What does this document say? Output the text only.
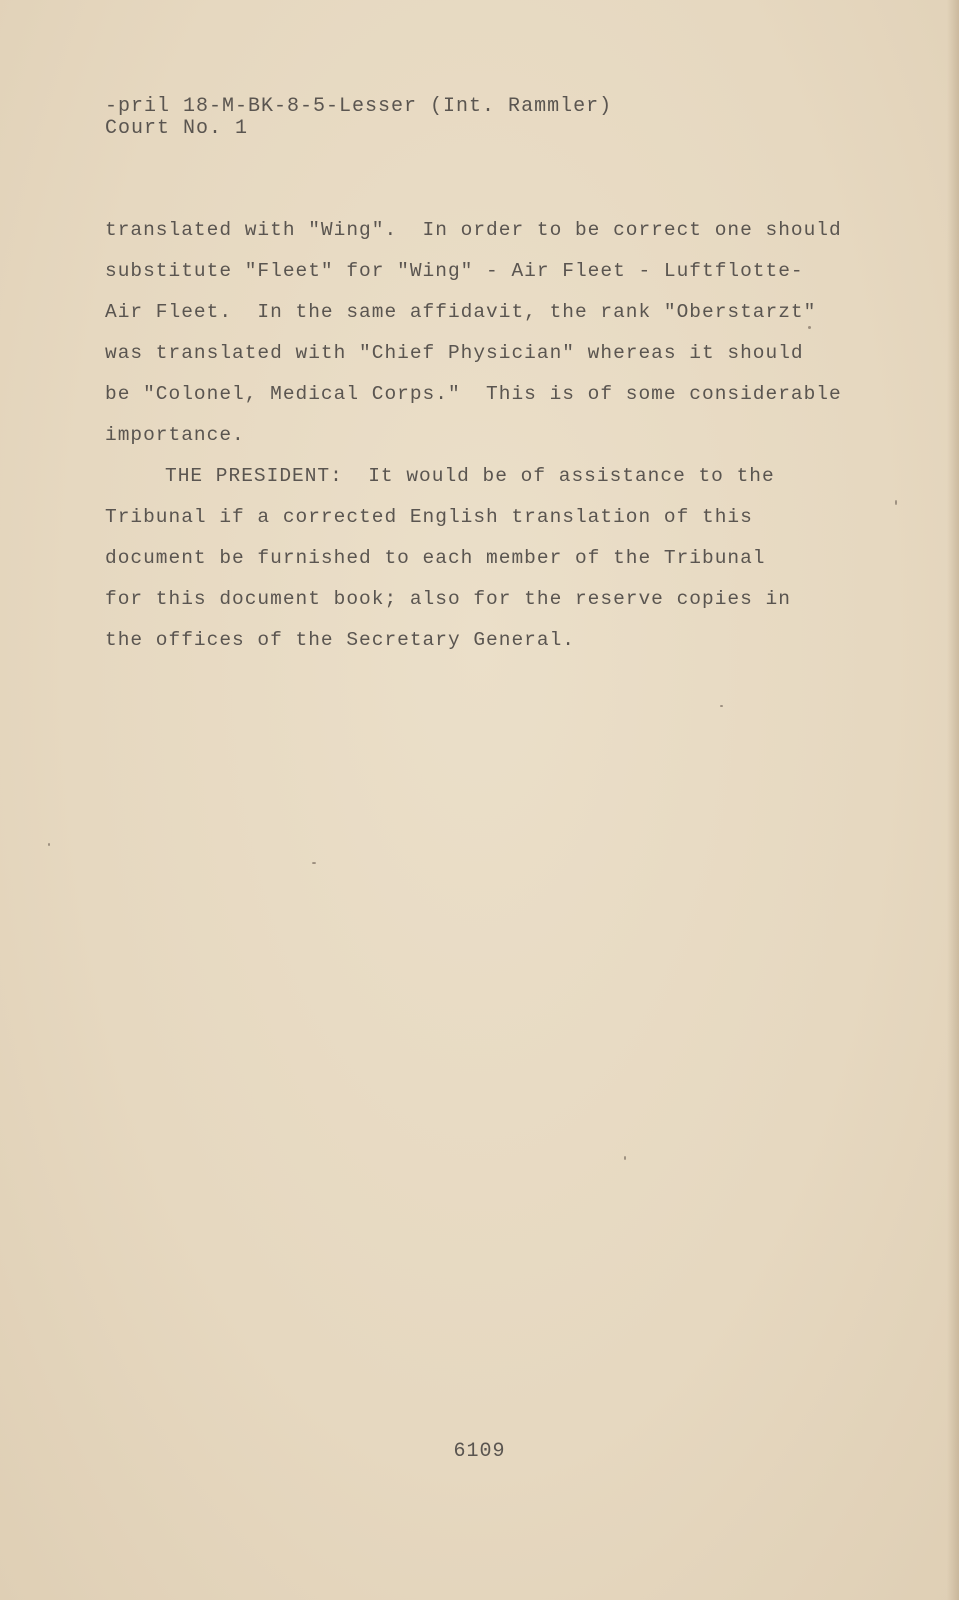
-pril 18-M-BK-8-5-Lesser (Int. Rammler)
Court No. 1
translated with "Wing".  In order to be correct one should
substitute "Fleet" for "Wing" - Air Fleet - Luftflotte-
Air Fleet.  In the same affidavit, the rank "Oberstarzt"
was translated with "Chief Physician" whereas it should
be "Colonel, Medical Corps."  This is of some considerable
importance.
THE PRESIDENT:  It would be of assistance to the
Tribunal if a corrected English translation of this
document be furnished to each member of the Tribunal
for this document book; also for the reserve copies in
the offices of the Secretary General.
6109
